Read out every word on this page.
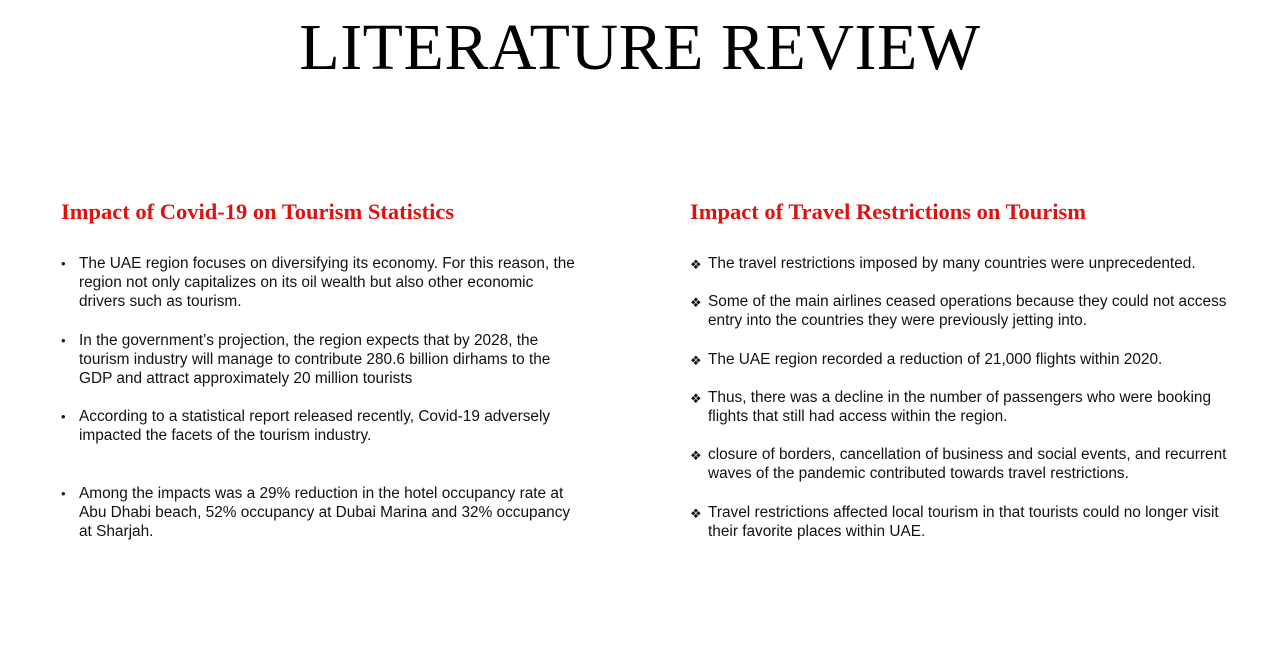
LITERATURE REVIEW
Impact of Covid-19 on Tourism Statistics
• The UAE region focuses on diversifying its economy. For this reason, the region not only capitalizes on its oil wealth but also other economic drivers such as tourism.
• In the government’s projection, the region expects that by 2028, the tourism industry will manage to contribute 280.6 billion dirhams to the GDP and attract approximately 20 million tourists
• According to a statistical report released recently, Covid-19 adversely impacted the facets of the tourism industry.
• Among the impacts was a 29% reduction in the hotel occupancy rate at Abu Dhabi beach, 52% occupancy at Dubai Marina and 32% occupancy at Sharjah.
Impact of Travel Restrictions on Tourism
❖ The travel restrictions imposed by many countries were unprecedented.
❖ Some of the main airlines ceased operations because they could not access entry into the countries they were previously jetting into.
❖ The UAE region recorded a reduction of 21,000 flights within 2020.
❖ Thus, there was a decline in the number of passengers who were booking flights that still had access within the region.
❖ closure of borders, cancellation of business and social events, and recurrent waves of the pandemic contributed towards travel restrictions.
❖ Travel restrictions affected local tourism in that tourists could no longer visit their favorite places within UAE.
